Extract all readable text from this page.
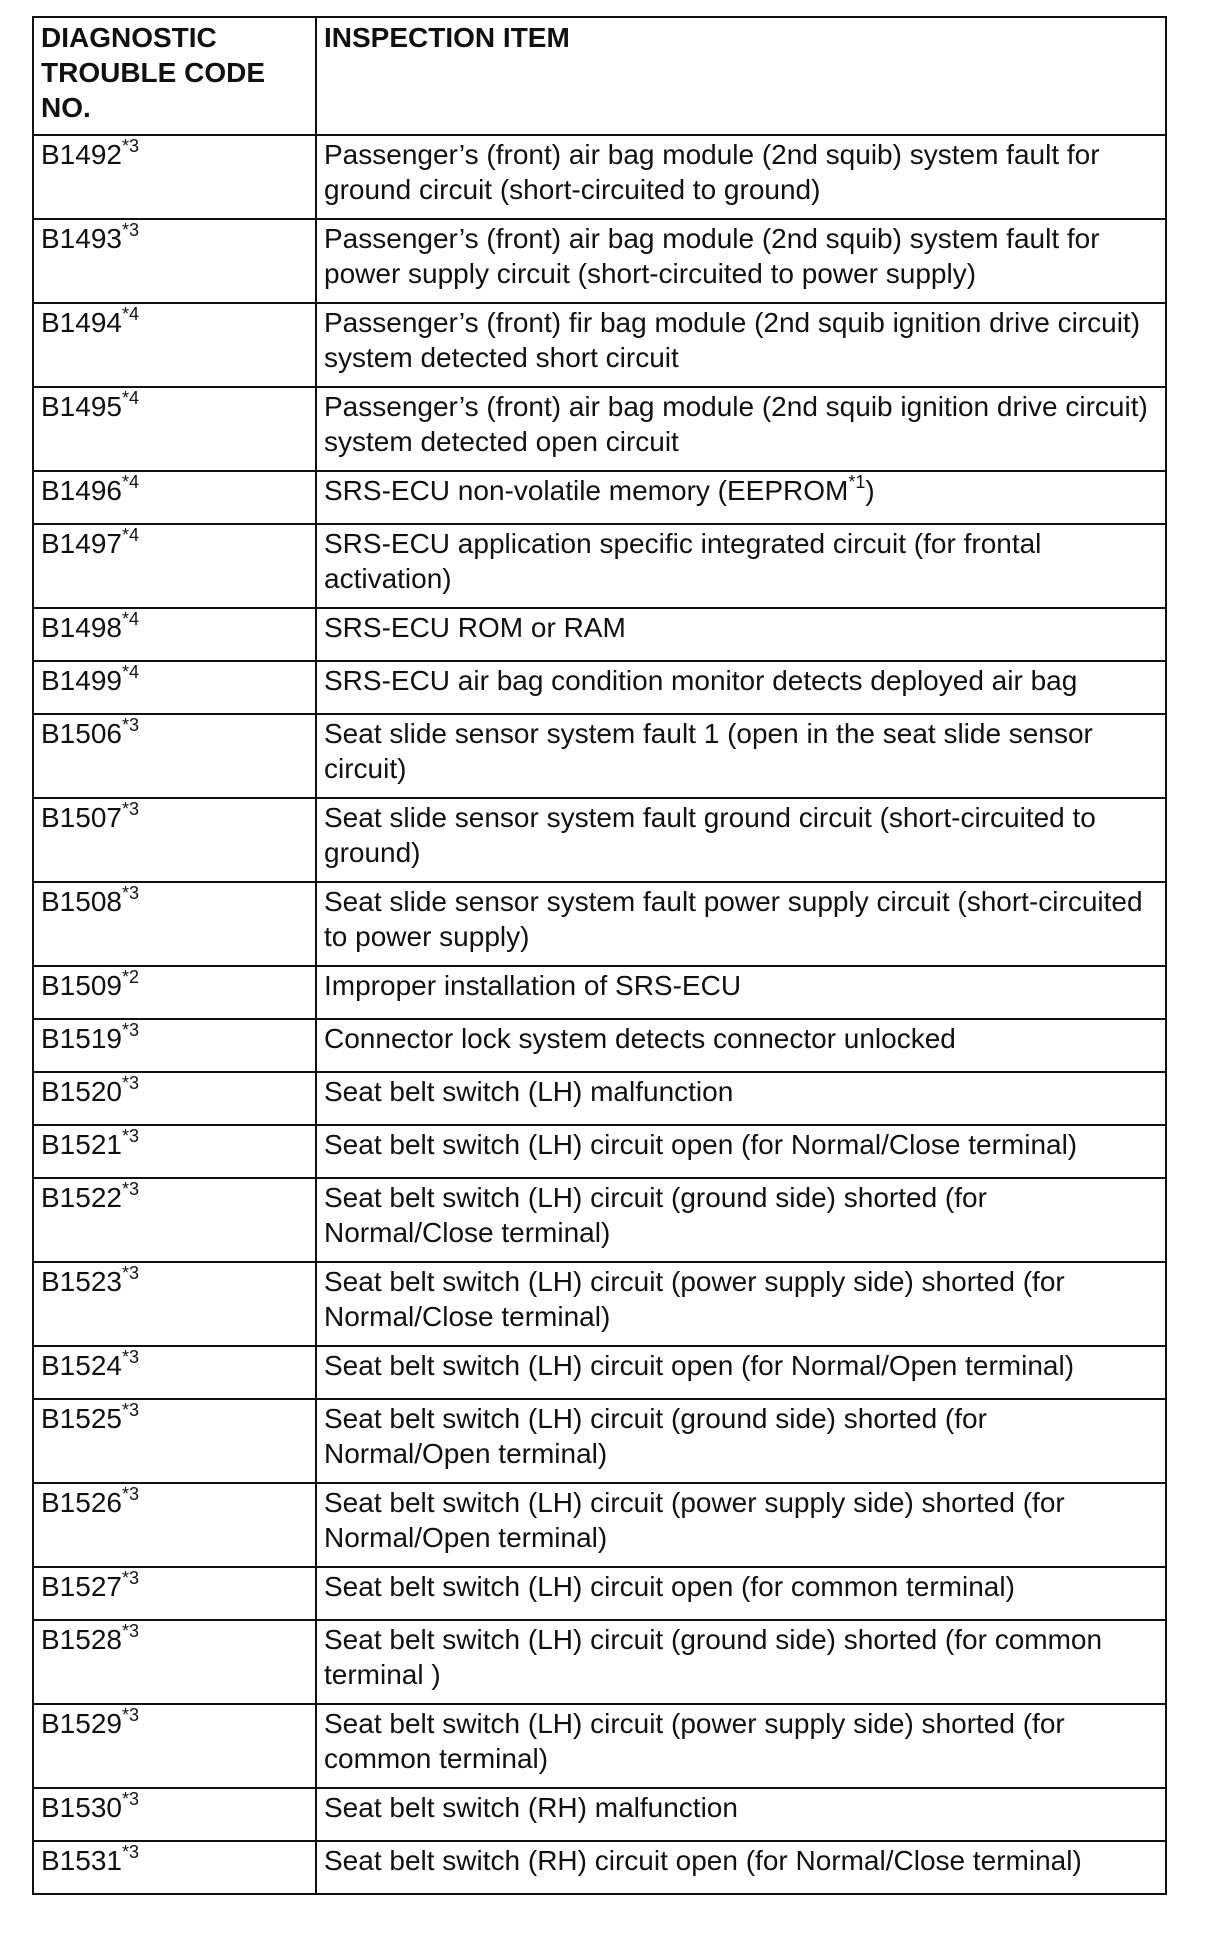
DIAGNOSTIC TROUBLE CODE NO.	INSPECTION ITEM
B1492$^{*3}$	Passenger’s (front) air bag module (2nd squib) system fault for ground circuit (short-circuited to ground)
B1493$^{*3}$	Passenger’s (front) air bag module (2nd squib) system fault for power supply circuit (short-circuited to power supply)
B1494$^{*4}$	Passenger’s (front) fir bag module (2nd squib ignition drive circuit) system detected short circuit
B1495$^{*4}$	Passenger’s (front) air bag module (2nd squib ignition drive circuit) system detected open circuit
B1496$^{*4}$	SRS-ECU non-volatile memory (EEPROM$^{*1}$)
B1497$^{*4}$	SRS-ECU application specific integrated circuit (for frontal activation)
B1498$^{*4}$	SRS-ECU ROM or RAM
B1499$^{*4}$	SRS-ECU air bag condition monitor detects deployed air bag
B1506$^{*3}$	Seat slide sensor system fault 1 (open in the seat slide sensor circuit)
B1507$^{*3}$	Seat slide sensor system fault ground circuit (short-circuited to ground)
B1508$^{*3}$	Seat slide sensor system fault power supply circuit (short-circuited to power supply)
B1509$^{*2}$	Improper installation of SRS-ECU
B1519$^{*3}$	Connector lock system detects connector unlocked
B1520$^{*3}$	Seat belt switch (LH) malfunction
B1521$^{*3}$	Seat belt switch (LH) circuit open (for Normal/Close terminal)
B1522$^{*3}$	Seat belt switch (LH) circuit (ground side) shorted (for Normal/Close terminal)
B1523$^{*3}$	Seat belt switch (LH) circuit (power supply side) shorted (for Normal/Close terminal)
B1524$^{*3}$	Seat belt switch (LH) circuit open (for Normal/Open terminal)
B1525$^{*3}$	Seat belt switch (LH) circuit (ground side) shorted (for Normal/Open terminal)
B1526$^{*3}$	Seat belt switch (LH) circuit (power supply side) shorted (for Normal/Open terminal)
B1527$^{*3}$	Seat belt switch (LH) circuit open (for common terminal)
B1528$^{*3}$	Seat belt switch (LH) circuit (ground side) shorted (for common terminal )
B1529$^{*3}$	Seat belt switch (LH) circuit (power supply side) shorted (for common terminal)
B1530$^{*3}$	Seat belt switch (RH) malfunction
B1531$^{*3}$	Seat belt switch (RH) circuit open (for Normal/Close terminal)
